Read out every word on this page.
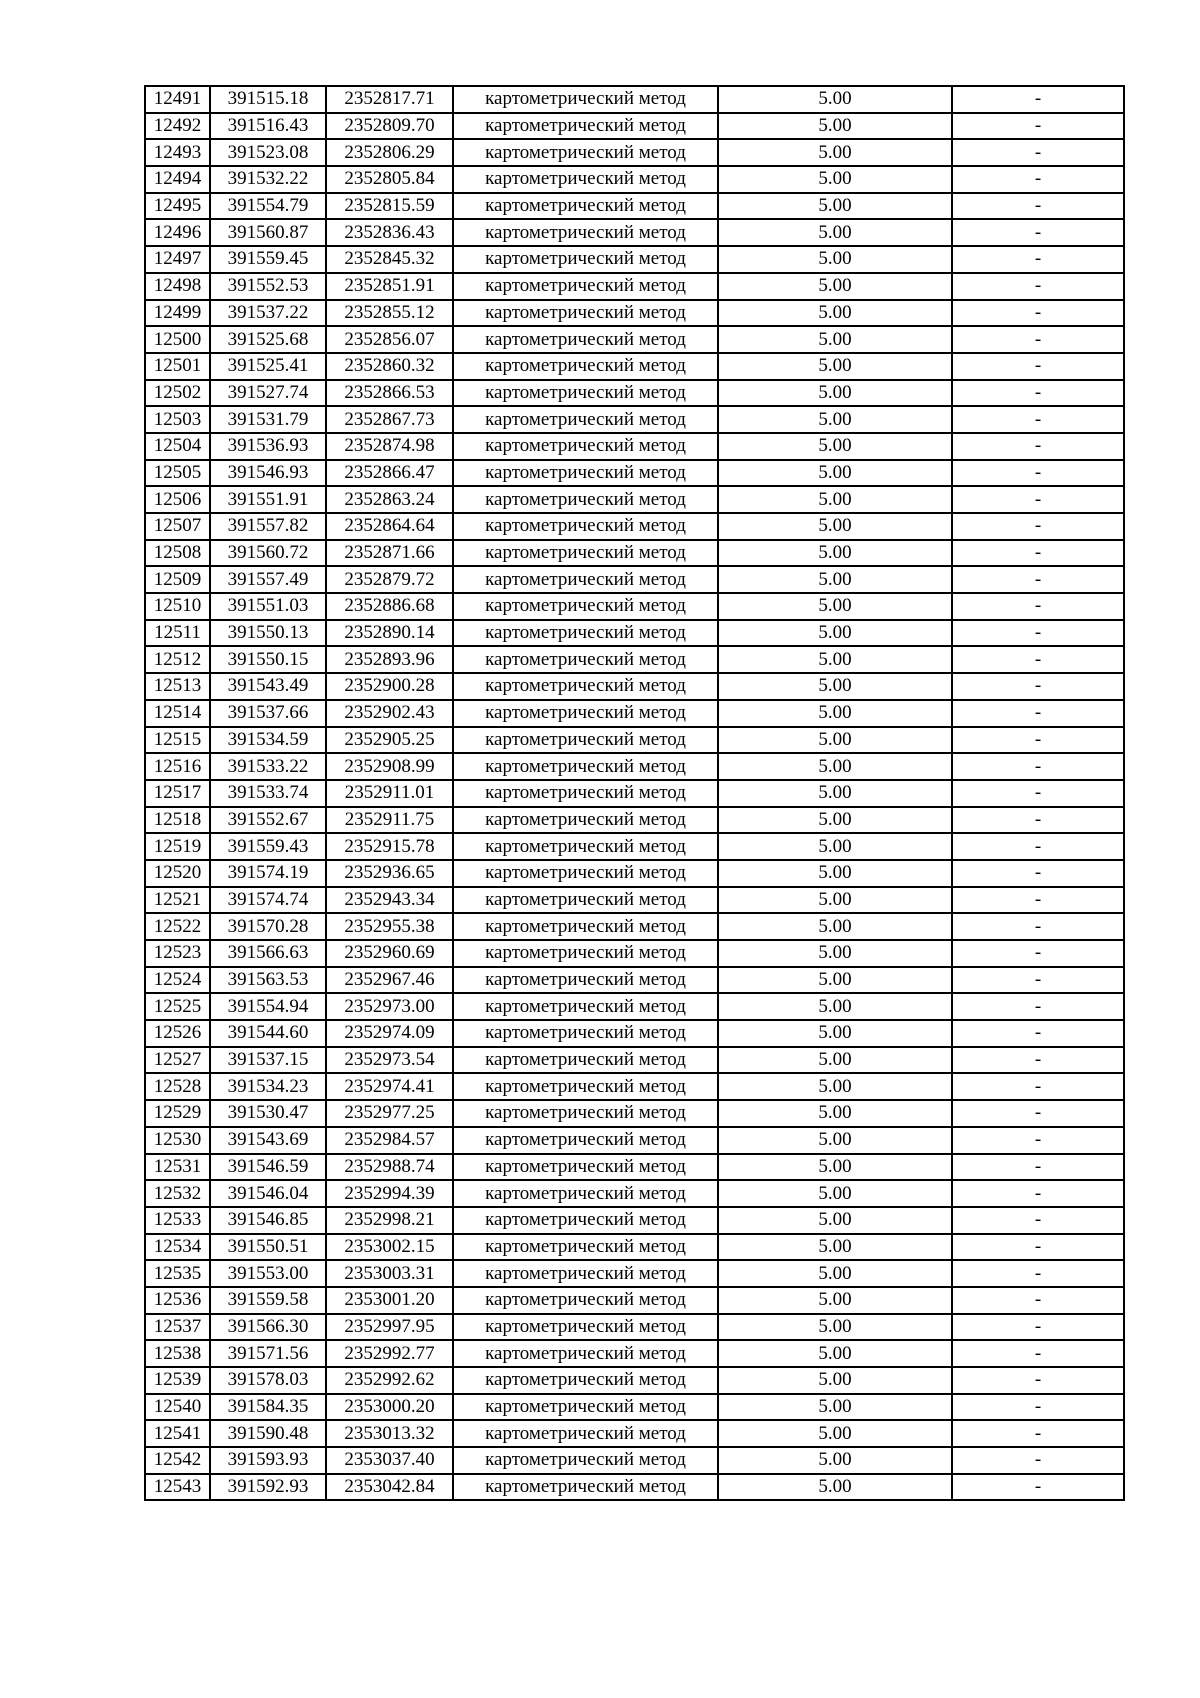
12491	391515.18	2352817.71	картометрический метод	5.00	-
12492	391516.43	2352809.70	картометрический метод	5.00	-
12493	391523.08	2352806.29	картометрический метод	5.00	-
12494	391532.22	2352805.84	картометрический метод	5.00	-
12495	391554.79	2352815.59	картометрический метод	5.00	-
12496	391560.87	2352836.43	картометрический метод	5.00	-
12497	391559.45	2352845.32	картометрический метод	5.00	-
12498	391552.53	2352851.91	картометрический метод	5.00	-
12499	391537.22	2352855.12	картометрический метод	5.00	-
12500	391525.68	2352856.07	картометрический метод	5.00	-
12501	391525.41	2352860.32	картометрический метод	5.00	-
12502	391527.74	2352866.53	картометрический метод	5.00	-
12503	391531.79	2352867.73	картометрический метод	5.00	-
12504	391536.93	2352874.98	картометрический метод	5.00	-
12505	391546.93	2352866.47	картометрический метод	5.00	-
12506	391551.91	2352863.24	картометрический метод	5.00	-
12507	391557.82	2352864.64	картометрический метод	5.00	-
12508	391560.72	2352871.66	картометрический метод	5.00	-
12509	391557.49	2352879.72	картометрический метод	5.00	-
12510	391551.03	2352886.68	картометрический метод	5.00	-
12511	391550.13	2352890.14	картометрический метод	5.00	-
12512	391550.15	2352893.96	картометрический метод	5.00	-
12513	391543.49	2352900.28	картометрический метод	5.00	-
12514	391537.66	2352902.43	картометрический метод	5.00	-
12515	391534.59	2352905.25	картометрический метод	5.00	-
12516	391533.22	2352908.99	картометрический метод	5.00	-
12517	391533.74	2352911.01	картометрический метод	5.00	-
12518	391552.67	2352911.75	картометрический метод	5.00	-
12519	391559.43	2352915.78	картометрический метод	5.00	-
12520	391574.19	2352936.65	картометрический метод	5.00	-
12521	391574.74	2352943.34	картометрический метод	5.00	-
12522	391570.28	2352955.38	картометрический метод	5.00	-
12523	391566.63	2352960.69	картометрический метод	5.00	-
12524	391563.53	2352967.46	картометрический метод	5.00	-
12525	391554.94	2352973.00	картометрический метод	5.00	-
12526	391544.60	2352974.09	картометрический метод	5.00	-
12527	391537.15	2352973.54	картометрический метод	5.00	-
12528	391534.23	2352974.41	картометрический метод	5.00	-
12529	391530.47	2352977.25	картометрический метод	5.00	-
12530	391543.69	2352984.57	картометрический метод	5.00	-
12531	391546.59	2352988.74	картометрический метод	5.00	-
12532	391546.04	2352994.39	картометрический метод	5.00	-
12533	391546.85	2352998.21	картометрический метод	5.00	-
12534	391550.51	2353002.15	картометрический метод	5.00	-
12535	391553.00	2353003.31	картометрический метод	5.00	-
12536	391559.58	2353001.20	картометрический метод	5.00	-
12537	391566.30	2352997.95	картометрический метод	5.00	-
12538	391571.56	2352992.77	картометрический метод	5.00	-
12539	391578.03	2352992.62	картометрический метод	5.00	-
12540	391584.35	2353000.20	картометрический метод	5.00	-
12541	391590.48	2353013.32	картометрический метод	5.00	-
12542	391593.93	2353037.40	картометрический метод	5.00	-
12543	391592.93	2353042.84	картометрический метод	5.00	-
